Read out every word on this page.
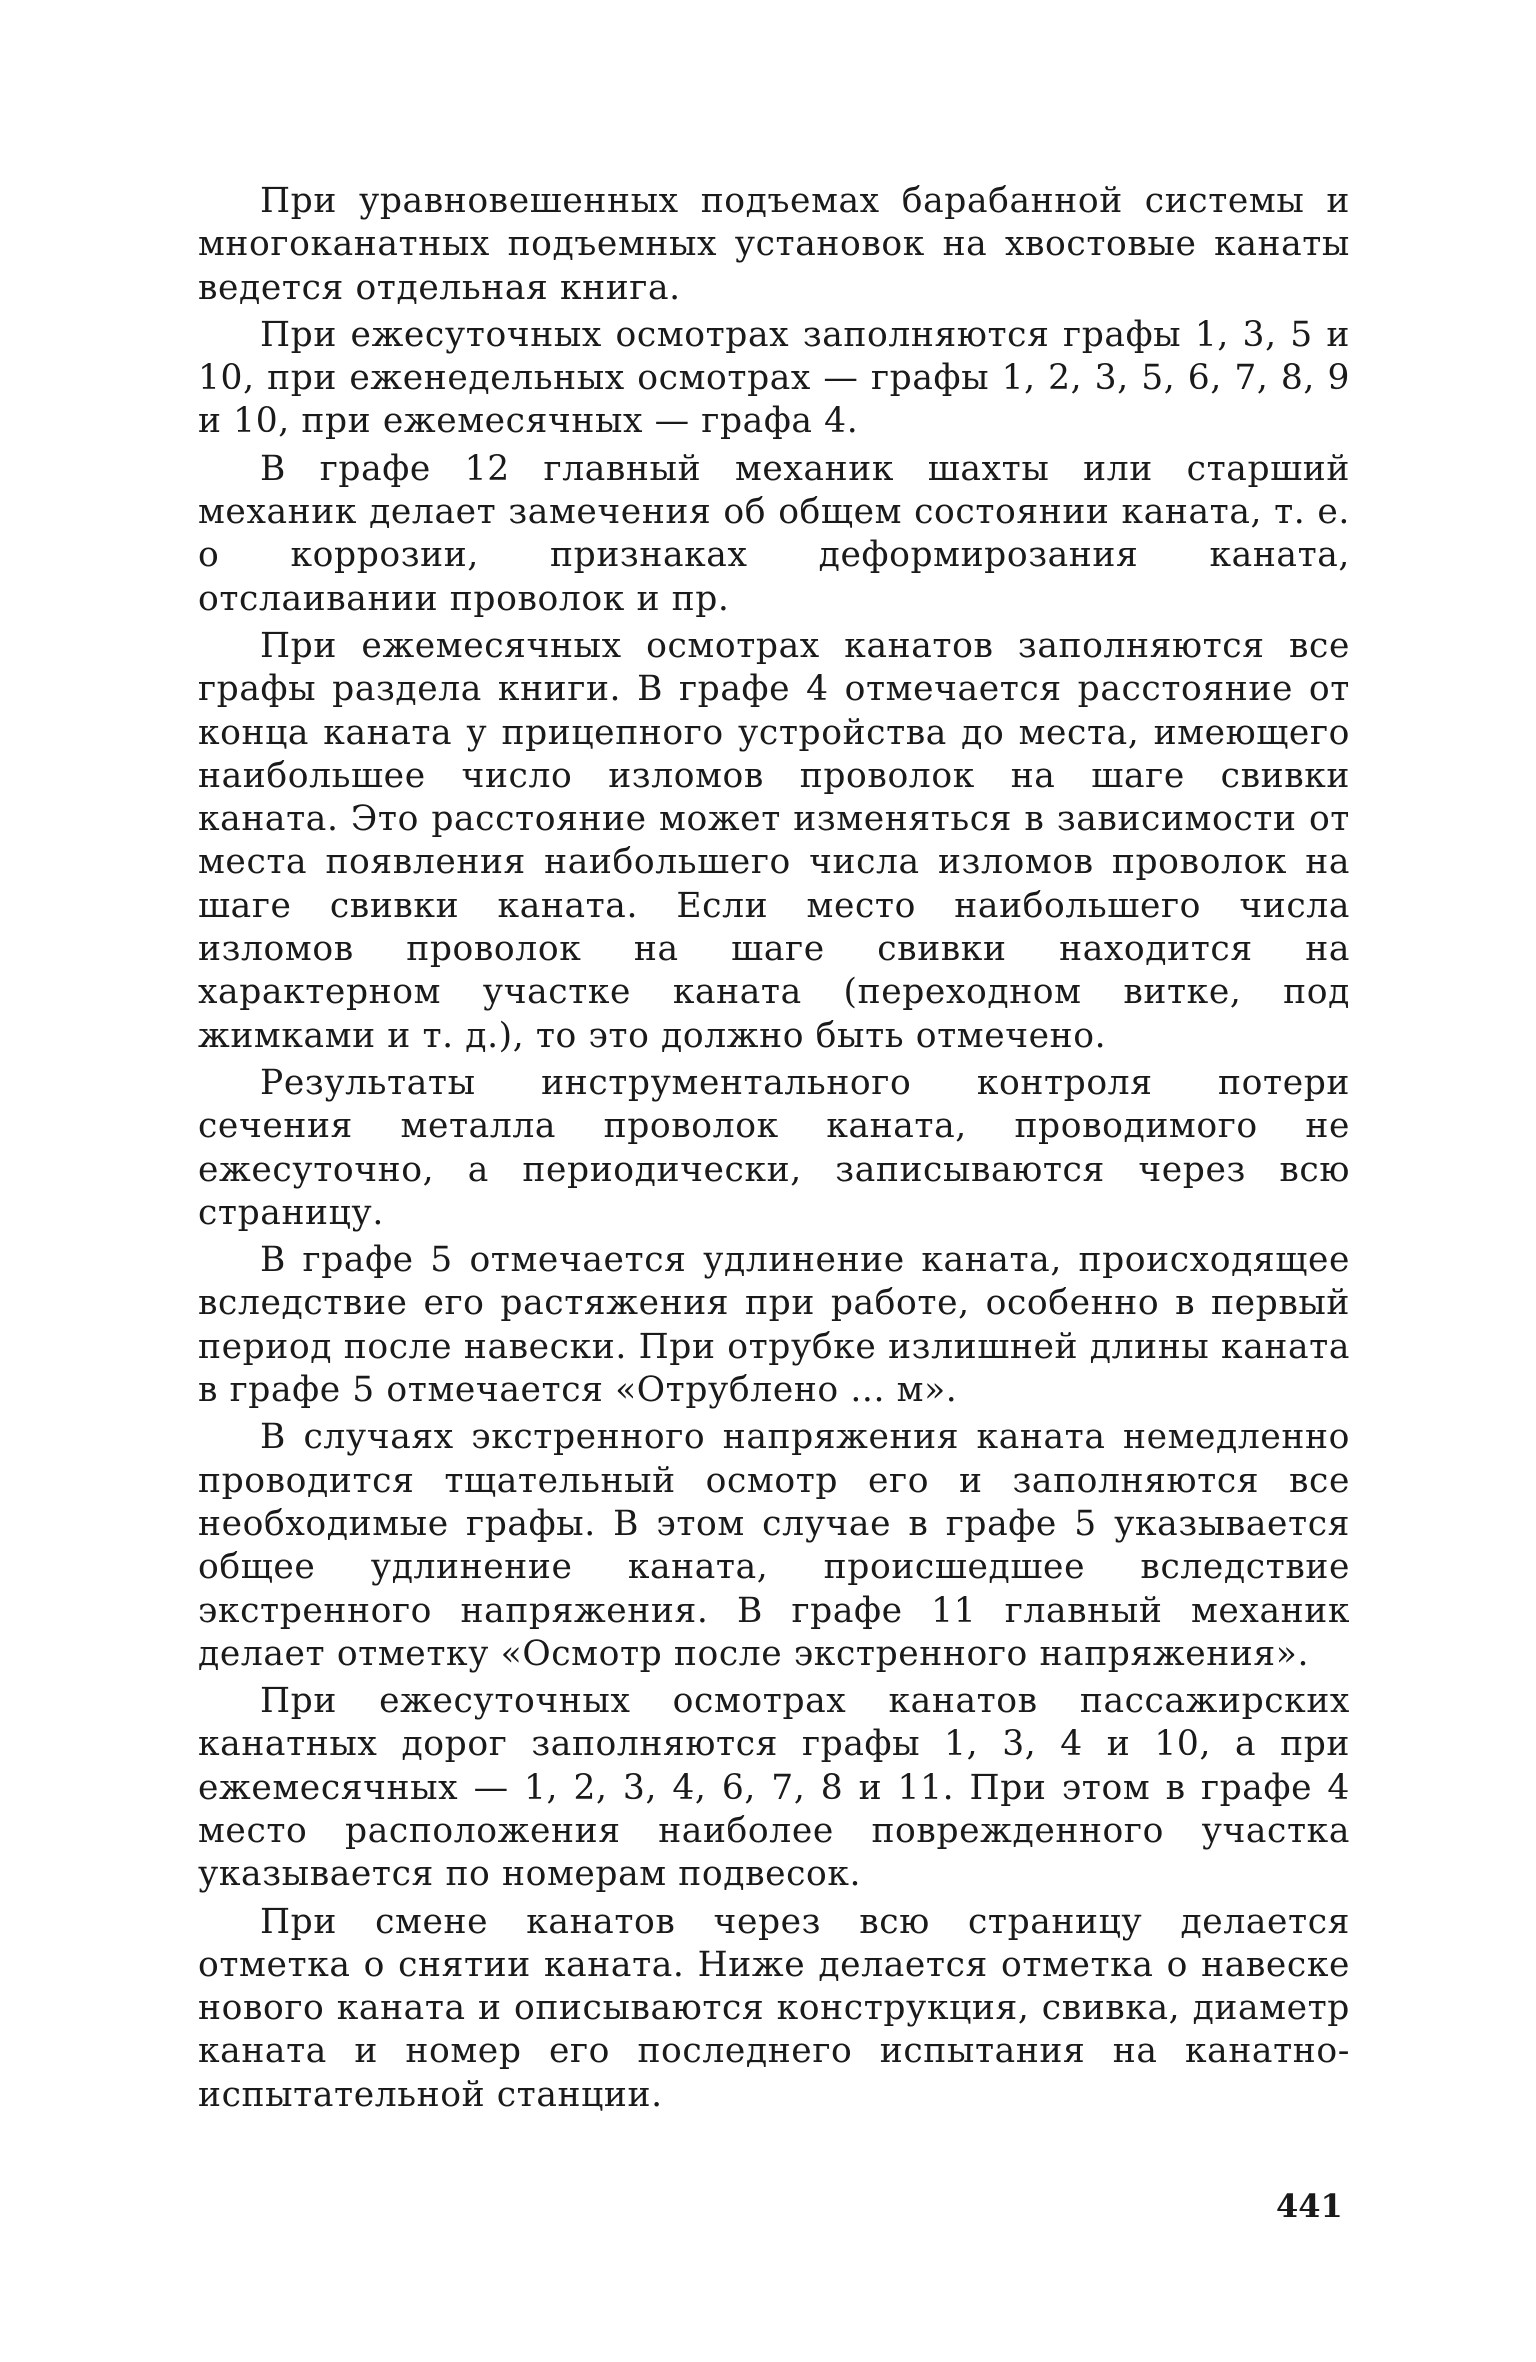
При уравновешенных подъемах барабанной системы и многоканатных подъемных установок на хвостовые канаты ведется отдельная книга.

При ежесуточных осмотрах заполняются графы 1, 3, 5 и 10, при еженедельных осмотрах — графы 1, 2, 3, 5, 6, 7, 8, 9 и 10, при ежемесячных — графа 4.

В графе 12 главный механик шахты или старший механик делает замечения об общем состоянии каната, т. е. о коррозии, признаках деформирозания каната, отслаивании проволок и пр.

При ежемесячных осмотрах канатов заполняются все графы раздела книги. В графе 4 отмечается расстояние от конца каната у прицепного устройства до места, имеющего наибольшее число изломов проволок на шаге свивки каната. Это расстояние может изменяться в зависимости от места появления наибольшего числа изломов проволок на шаге свивки каната. Если место наибольшего числа изломов проволок на шаге свивки находится на характерном участке каната (переходном витке, под жимками и т. д.), то это должно быть отмечено.

Результаты инструментального контроля потери сечения металла проволок каната, проводимого не ежесуточно, а периодически, записываются через всю страницу.

В графе 5 отмечается удлинение каната, происходящее вследствие его растяжения при работе, особенно в первый период после навески. При отрубке излишней длины каната в графе 5 отмечается «Отрублено ... м».

В случаях экстренного напряжения каната немедленно проводится тщательный осмотр его и заполняются все необходимые графы. В этом случае в графе 5 указывается общее удлинение каната, происшедшее вследствие экстренного напряжения. В графе 11 главный механик делает отметку «Осмотр после экстренного напряжения».

При ежесуточных осмотрах канатов пассажирских канатных дорог заполняются графы 1, 3, 4 и 10, а при ежемесячных — 1, 2, 3, 4, 6, 7, 8 и 11. При этом в графе 4 место расположения наиболее поврежденного участка указывается по номерам подвесок.

При смене канатов через всю страницу делается отметка о снятии каната. Ниже делается отметка о навеске нового каната и описываются конструкция, свивка, диаметр каната и номер его последнего испытания на канатно-испытательной станции.

441
